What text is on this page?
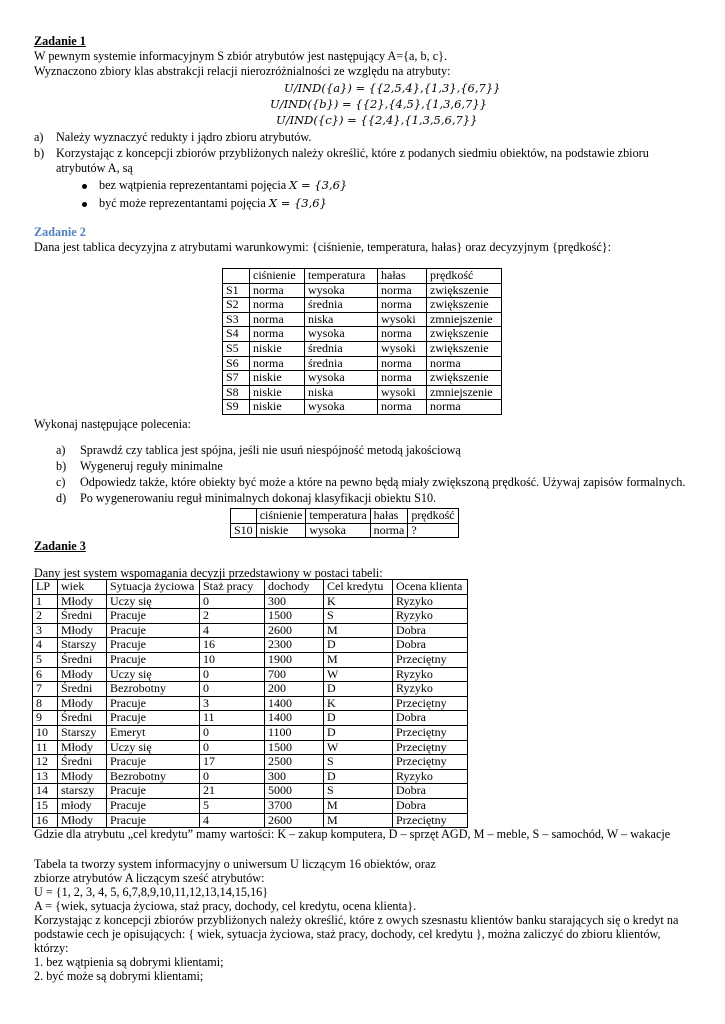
Zadanie 1
W pewnym systemie informacyjnym S zbiór atrybutów jest następujący A={a, b, c}.
Wyznaczono zbiory klas abstrakcji relacji nierozróżnialności ze względu na atrybuty:
U/IND({a}) = {{2,5,4},{1,3},{6,7}}
U/IND({b}) = {{2},{4,5},{1,3,6,7}}
U/IND({c}) = {{2,4},{1,3,5,6,7}}
a) Należy wyznaczyć redukty i jądro zbioru atrybutów.
b) Korzystając z koncepcji zbiorów przybliżonych należy określić, które z podanych siedmiu obiektów, na podstawie zbioru
atrybutów A, są
bez wątpienia reprezentantami pojęcia X = {3,6}
być może reprezentantami pojęcia X = {3,6}
Zadanie 2
Dana jest tablica decyzyjna z atrybutami warunkowymi: {ciśnienie, temperatura, hałas} oraz decyzyjnym {prędkość}:
	ciśnienie	temperatura	hałas	prędkość
S1	norma	wysoka	norma	zwiększenie
S2	norma	średnia	norma	zwiększenie
S3	norma	niska	wysoki	zmniejszenie
S4	norma	wysoka	norma	zwiększenie
S5	niskie	średnia	wysoki	zwiększenie
S6	norma	średnia	norma	norma
S7	niskie	wysoka	norma	zwiększenie
S8	niskie	niska	wysoki	zmniejszenie
S9	niskie	wysoka	norma	norma
Wykonaj następujące polecenia:
a) Sprawdź czy tablica jest spójna, jeśli nie usuń niespójność metodą jakościową
b) Wygeneruj reguły minimalne
c) Odpowiedz także, które obiekty być może a które na pewno będą miały zwiększoną prędkość. Używaj zapisów formalnych.
d) Po wygenerowaniu reguł minimalnych dokonaj klasyfikacji obiektu S10.
	ciśnienie	temperatura	hałas	prędkość
S10	niskie	wysoka	norma	?
Zadanie 3
Dany jest system wspomagania decyzji przedstawiony w postaci tabeli:
LP	wiek	Sytuacja życiowa	Staż pracy	dochody	Cel kredytu	Ocena klienta
1	Młody	Uczy się	0	300	K	Ryzyko
2	Średni	Pracuje	2	1500	S	Ryzyko
3	Młody	Pracuje	4	2600	M	Dobra
4	Starszy	Pracuje	16	2300	D	Dobra
5	Średni	Pracuje	10	1900	M	Przeciętny
6	Młody	Uczy się	0	700	W	Ryzyko
7	Średni	Bezrobotny	0	200	D	Ryzyko
8	Młody	Pracuje	3	1400	K	Przeciętny
9	Średni	Pracuje	11	1400	D	Dobra
10	Starszy	Emeryt	0	1100	D	Przeciętny
11	Młody	Uczy się	0	1500	W	Przeciętny
12	Średni	Pracuje	17	2500	S	Przeciętny
13	Młody	Bezrobotny	0	300	D	Ryzyko
14	starszy	Pracuje	21	5000	S	Dobra
15	młody	Pracuje	5	3700	M	Dobra
16	Młody	Pracuje	4	2600	M	Przeciętny
Gdzie dla atrybutu „cel kredytu” mamy wartości: K – zakup komputera, D – sprzęt AGD, M – meble, S – samochód, W – wakacje
Tabela ta tworzy system informacyjny o uniwersum U liczącym 16 obiektów, oraz
zbiorze atrybutów A liczącym sześć atrybutów:
U = {1, 2, 3, 4, 5, 6,7,8,9,10,11,12,13,14,15,16}
A = {wiek, sytuacja życiowa, staż pracy, dochody, cel kredytu, ocena klienta}.
Korzystając z koncepcji zbiorów przybliżonych należy określić, które z owych szesnastu klientów banku starających się o kredyt na
podstawie cech je opisujących: { wiek, sytuacja życiowa, staż pracy, dochody, cel kredytu }, można zaliczyć do zbioru klientów,
którzy:
1. bez wątpienia są dobrymi klientami;
2. być może są dobrymi klientami;
